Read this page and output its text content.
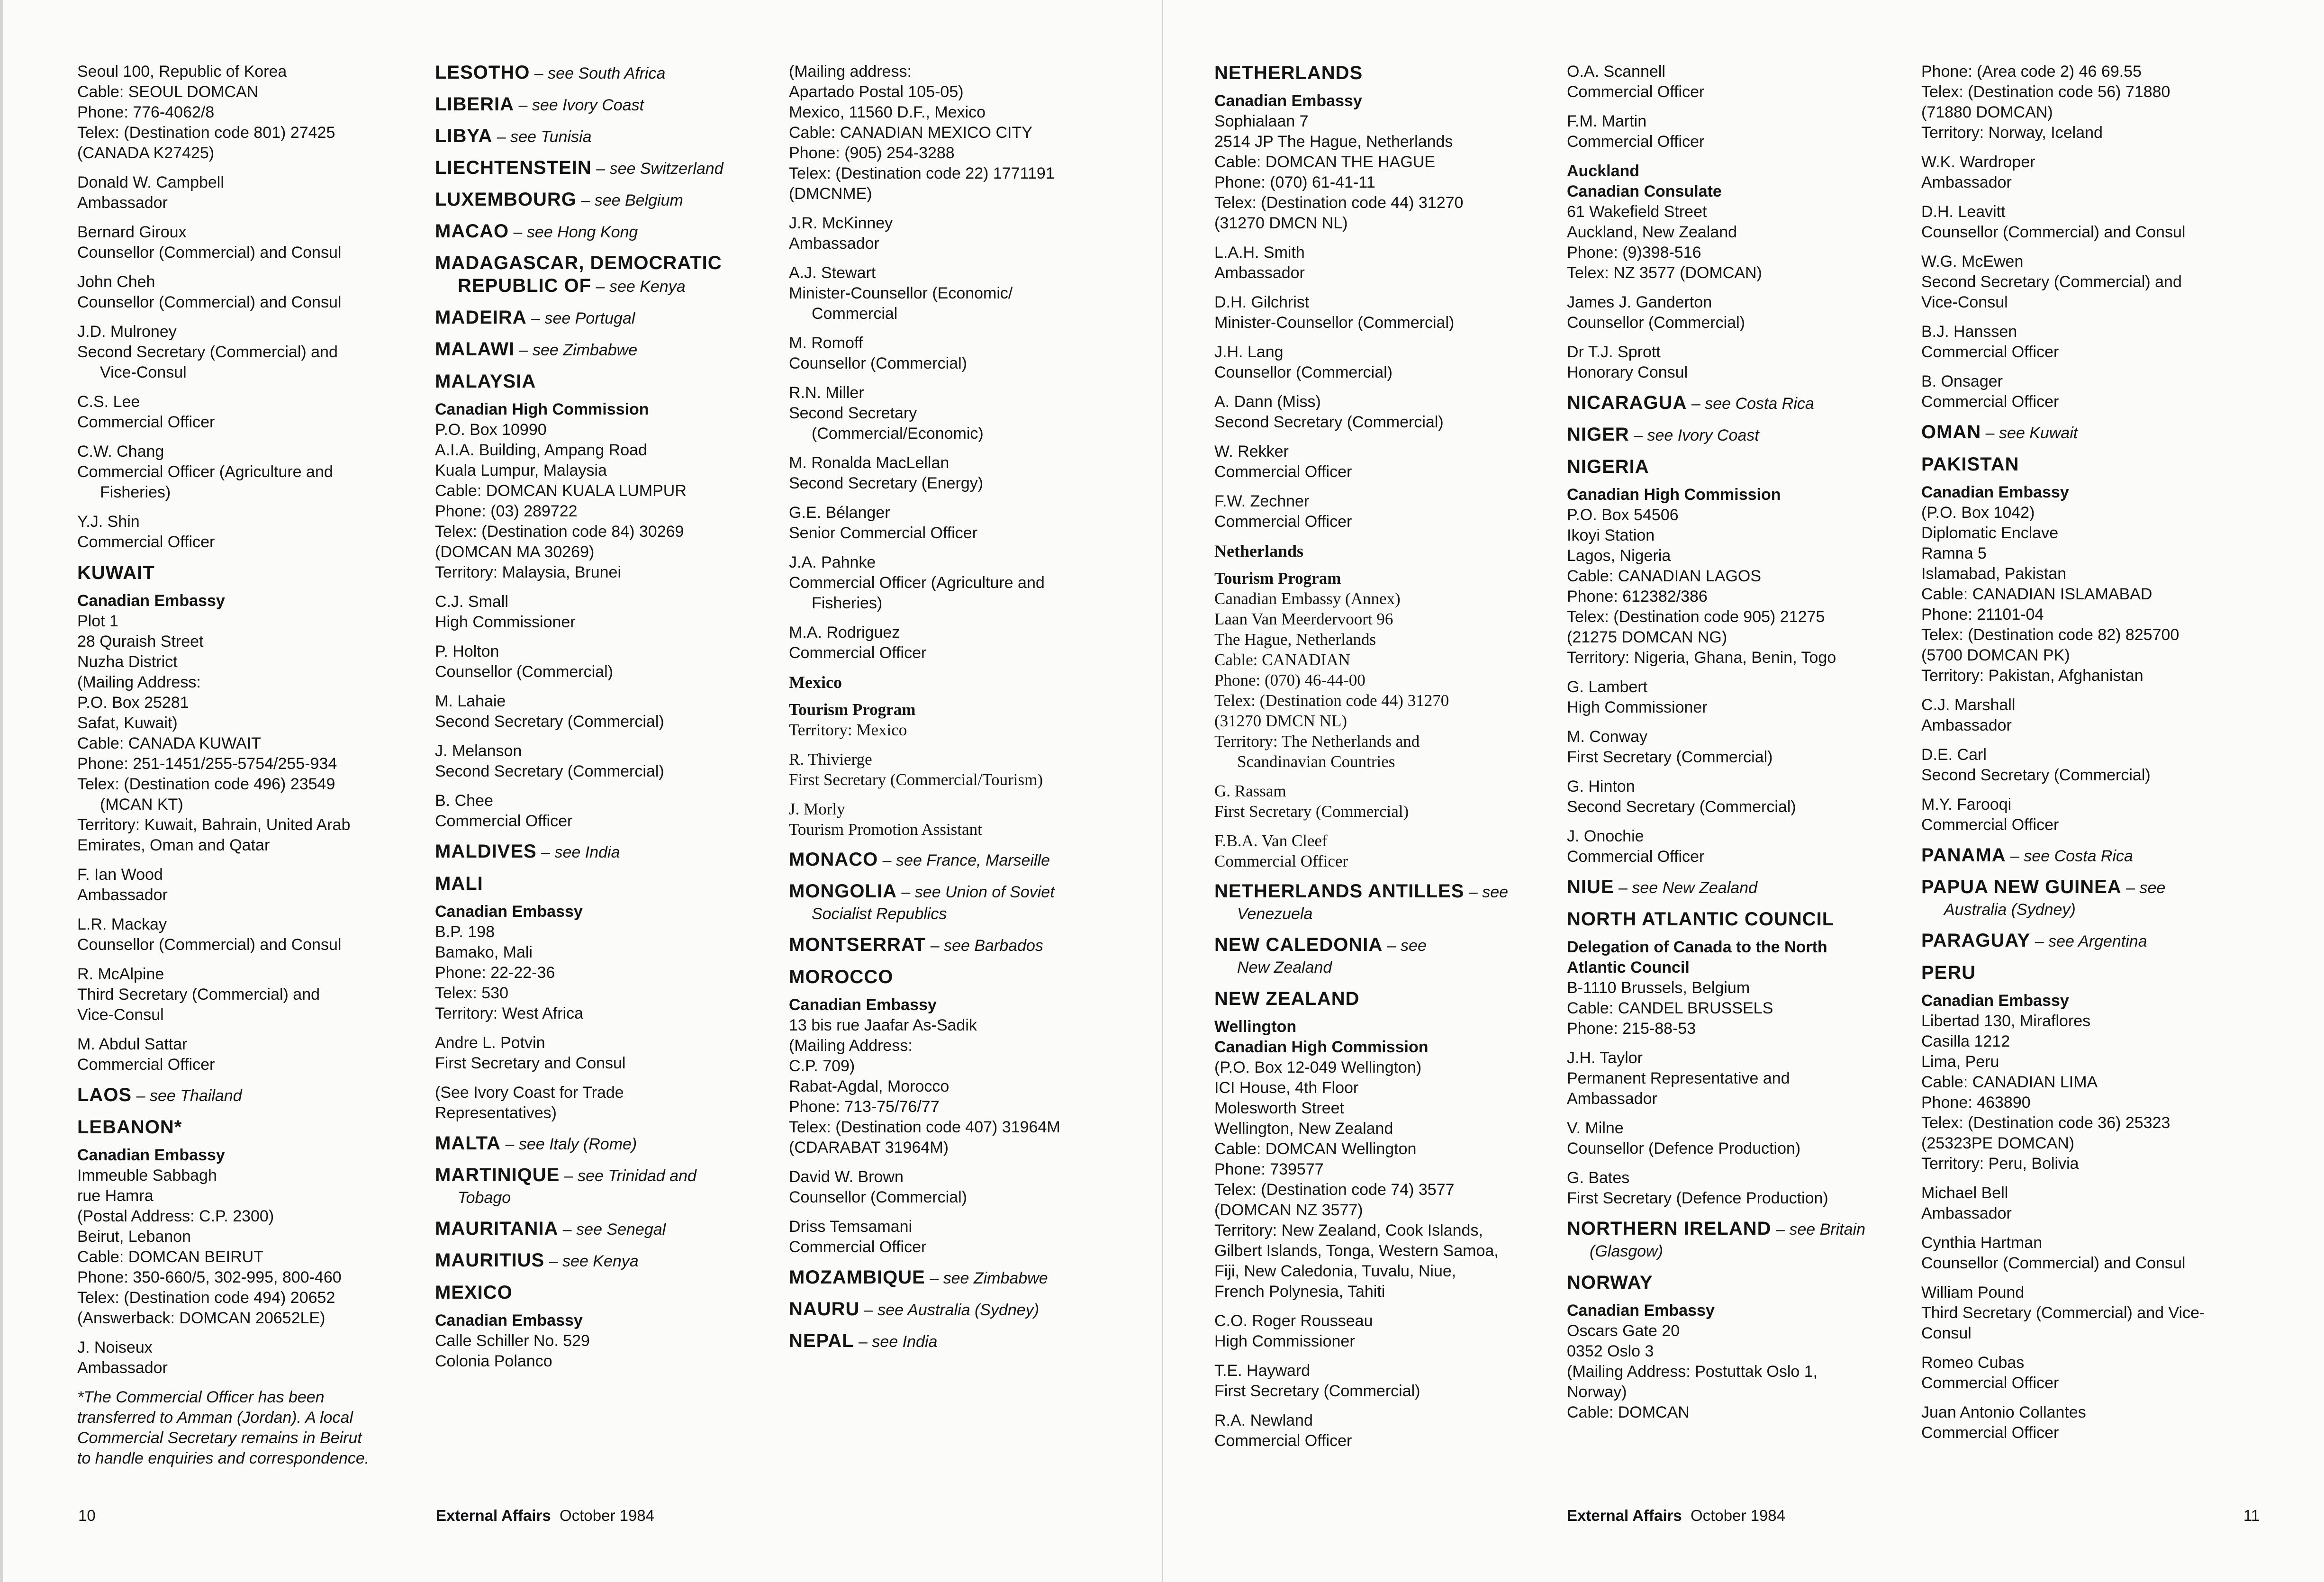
Seoul 100, Republic of Korea
Cable: SEOUL DOMCAN
Phone: 776-4062/8
Telex: (Destination code 801) 27425
(CANADA K27425)

Donald W. Campbell
Ambassador

Bernard Giroux
Counsellor (Commercial) and Consul

John Cheh
Counsellor (Commercial) and Consul

J.D. Mulroney
Second Secretary (Commercial) and
Vice-Consul

C.S. Lee
Commercial Officer

C.W. Chang
Commercial Officer (Agriculture and
Fisheries)

Y.J. Shin
Commercial Officer

KUWAIT

Canadian Embassy
Plot 1
28 Quraish Street
Nuzha District
(Mailing Address:
P.O. Box 25281
Safat, Kuwait)
Cable: CANADA KUWAIT
Phone: 251-1451/255-5754/255-934
Telex: (Destination code 496) 23549
(MCAN KT)
Territory: Kuwait, Bahrain, United Arab
Emirates, Oman and Qatar

F. Ian Wood
Ambassador

L.R. Mackay
Counsellor (Commercial) and Consul

R. McAlpine
Third Secretary (Commercial) and
Vice-Consul

M. Abdul Sattar
Commercial Officer

LAOS – see Thailand

LEBANON*

Canadian Embassy
Immeuble Sabbagh
rue Hamra
(Postal Address: C.P. 2300)
Beirut, Lebanon
Cable: DOMCAN BEIRUT
Phone: 350-660/5, 302-995, 800-460
Telex: (Destination code 494) 20652
(Answerback: DOMCAN 20652LE)

J. Noiseux
Ambassador

*The Commercial Officer has been
transferred to Amman (Jordan). A local
Commercial Secretary remains in Beirut
to handle enquiries and correspondence.

LESOTHO – see South Africa

LIBERIA – see Ivory Coast

LIBYA – see Tunisia

LIECHTENSTEIN – see Switzerland

LUXEMBOURG – see Belgium

MACAO – see Hong Kong

MADAGASCAR, DEMOCRATIC

REPUBLIC OF – see Kenya

MADEIRA – see Portugal

MALAWI – see Zimbabwe

MALAYSIA

Canadian High Commission
P.O. Box 10990
A.I.A. Building, Ampang Road
Kuala Lumpur, Malaysia
Cable: DOMCAN KUALA LUMPUR
Phone: (03) 289722
Telex: (Destination code 84) 30269
(DOMCAN MA 30269)
Territory: Malaysia, Brunei

C.J. Small
High Commissioner

P. Holton
Counsellor (Commercial)

M. Lahaie
Second Secretary (Commercial)

J. Melanson
Second Secretary (Commercial)

B. Chee
Commercial Officer

MALDIVES – see India

MALI

Canadian Embassy
B.P. 198
Bamako, Mali
Phone: 22-22-36
Telex: 530
Territory: West Africa

Andre L. Potvin
First Secretary and Consul

(See Ivory Coast for Trade
Representatives)

MALTA – see Italy (Rome)

MARTINIQUE – see Trinidad and
Tobago

MAURITANIA – see Senegal

MAURITIUS – see Kenya

MEXICO

Canadian Embassy
Calle Schiller No. 529
Colonia Polanco

(Mailing address:
Apartado Postal 105-05)
Mexico, 11560 D.F., Mexico
Cable: CANADIAN MEXICO CITY
Phone: (905) 254-3288
Telex: (Destination code 22) 1771191
(DMCNME)

J.R. McKinney
Ambassador

A.J. Stewart
Minister-Counsellor (Economic/
Commercial

M. Romoff
Counsellor (Commercial)

R.N. Miller
Second Secretary
(Commercial/Economic)

M. Ronalda MacLellan
Second Secretary (Energy)

G.E. Bélanger
Senior Commercial Officer

J.A. Pahnke
Commercial Officer (Agriculture and
Fisheries)

M.A. Rodriguez
Commercial Officer

Mexico

Tourism Program
Territory: Mexico

R. Thivierge
First Secretary (Commercial/Tourism)

J. Morly
Tourism Promotion Assistant

MONACO – see France, Marseille

MONGOLIA – see Union of Soviet
Socialist Republics

MONTSERRAT – see Barbados

MOROCCO

Canadian Embassy
13 bis rue Jaafar As-Sadik
(Mailing Address:
C.P. 709)
Rabat-Agdal, Morocco
Phone: 713-75/76/77
Telex: (Destination code 407) 31964M
(CDARABAT 31964M)

David W. Brown
Counsellor (Commercial)

Driss Temsamani
Commercial Officer

MOZAMBIQUE – see Zimbabwe

NAURU – see Australia (Sydney)

NEPAL – see India

10	External Affairs October 1984
NETHERLANDS

Canadian Embassy
Sophialaan 7
2514 JP The Hague, Netherlands
Cable: DOMCAN THE HAGUE
Phone: (070) 61-41-11
Telex: (Destination code 44) 31270
(31270 DMCN NL)

L.A.H. Smith
Ambassador

D.H. Gilchrist
Minister-Counsellor (Commercial)

J.H. Lang
Counsellor (Commercial)

A. Dann (Miss)
Second Secretary (Commercial)

W. Rekker
Commercial Officer

F.W. Zechner
Commercial Officer

Netherlands

Tourism Program
Canadian Embassy (Annex)
Laan Van Meerdervoort 96
The Hague, Netherlands
Cable: CANADIAN
Phone: (070) 46-44-00
Telex: (Destination code 44) 31270
(31270 DMCN NL)
Territory: The Netherlands and
Scandinavian Countries

G. Rassam
First Secretary (Commercial)

F.B.A. Van Cleef
Commercial Officer

NETHERLANDS ANTILLES – see
Venezuela

NEW CALEDONIA – see
New Zealand

NEW ZEALAND

Wellington
Canadian High Commission
(P.O. Box 12-049 Wellington)
ICI House, 4th Floor
Molesworth Street
Wellington, New Zealand
Cable: DOMCAN Wellington
Phone: 739577
Telex: (Destination code 74) 3577
(DOMCAN NZ 3577)
Territory: New Zealand, Cook Islands,
Gilbert Islands, Tonga, Western Samoa,
Fiji, New Caledonia, Tuvalu, Niue,
French Polynesia, Tahiti

C.O. Roger Rousseau
High Commissioner

T.E. Hayward
First Secretary (Commercial)

R.A. Newland
Commercial Officer

O.A. Scannell
Commercial Officer

F.M. Martin
Commercial Officer

Auckland
Canadian Consulate
61 Wakefield Street
Auckland, New Zealand
Phone: (9)398-516
Telex: NZ 3577 (DOMCAN)

James J. Ganderton
Counsellor (Commercial)

Dr T.J. Sprott
Honorary Consul

NICARAGUA – see Costa Rica

NIGER – see Ivory Coast

NIGERIA

Canadian High Commission
P.O. Box 54506
Ikoyi Station
Lagos, Nigeria
Cable: CANADIAN LAGOS
Phone: 612382/386
Telex: (Destination code 905) 21275
(21275 DOMCAN NG)
Territory: Nigeria, Ghana, Benin, Togo

G. Lambert
High Commissioner

M. Conway
First Secretary (Commercial)

G. Hinton
Second Secretary (Commercial)

J. Onochie
Commercial Officer

NIUE – see New Zealand

NORTH ATLANTIC COUNCIL

Delegation of Canada to the North
Atlantic Council
B-1110 Brussels, Belgium
Cable: CANDEL BRUSSELS
Phone: 215-88-53

J.H. Taylor
Permanent Representative and
Ambassador

V. Milne
Counsellor (Defence Production)

G. Bates
First Secretary (Defence Production)

NORTHERN IRELAND – see Britain
(Glasgow)

NORWAY

Canadian Embassy
Oscars Gate 20
0352 Oslo 3
(Mailing Address: Postuttak Oslo 1,
Norway)
Cable: DOMCAN

Phone: (Area code 2) 46 69.55
Telex: (Destination code 56) 71880
(71880 DOMCAN)
Territory: Norway, Iceland

W.K. Wardroper
Ambassador

D.H. Leavitt
Counsellor (Commercial) and Consul

W.G. McEwen
Second Secretary (Commercial) and
Vice-Consul

B.J. Hanssen
Commercial Officer

B. Onsager
Commercial Officer

OMAN – see Kuwait

PAKISTAN

Canadian Embassy
(P.O. Box 1042)
Diplomatic Enclave
Ramna 5
Islamabad, Pakistan
Cable: CANADIAN ISLAMABAD
Phone: 21101-04
Telex: (Destination code 82) 825700
(5700 DOMCAN PK)
Territory: Pakistan, Afghanistan

C.J. Marshall
Ambassador

D.E. Carl
Second Secretary (Commercial)

M.Y. Farooqi
Commercial Officer

PANAMA – see Costa Rica

PAPUA NEW GUINEA – see
Australia (Sydney)

PARAGUAY – see Argentina

PERU

Canadian Embassy
Libertad 130, Miraflores
Casilla 1212
Lima, Peru
Cable: CANADIAN LIMA
Phone: 463890
Telex: (Destination code 36) 25323
(25323PE DOMCAN)
Territory: Peru, Bolivia

Michael Bell
Ambassador

Cynthia Hartman
Counsellor (Commercial) and Consul

William Pound
Third Secretary (Commercial) and Vice-
Consul

Romeo Cubas
Commercial Officer

Juan Antonio Collantes
Commercial Officer

External Affairs October 1984	11
